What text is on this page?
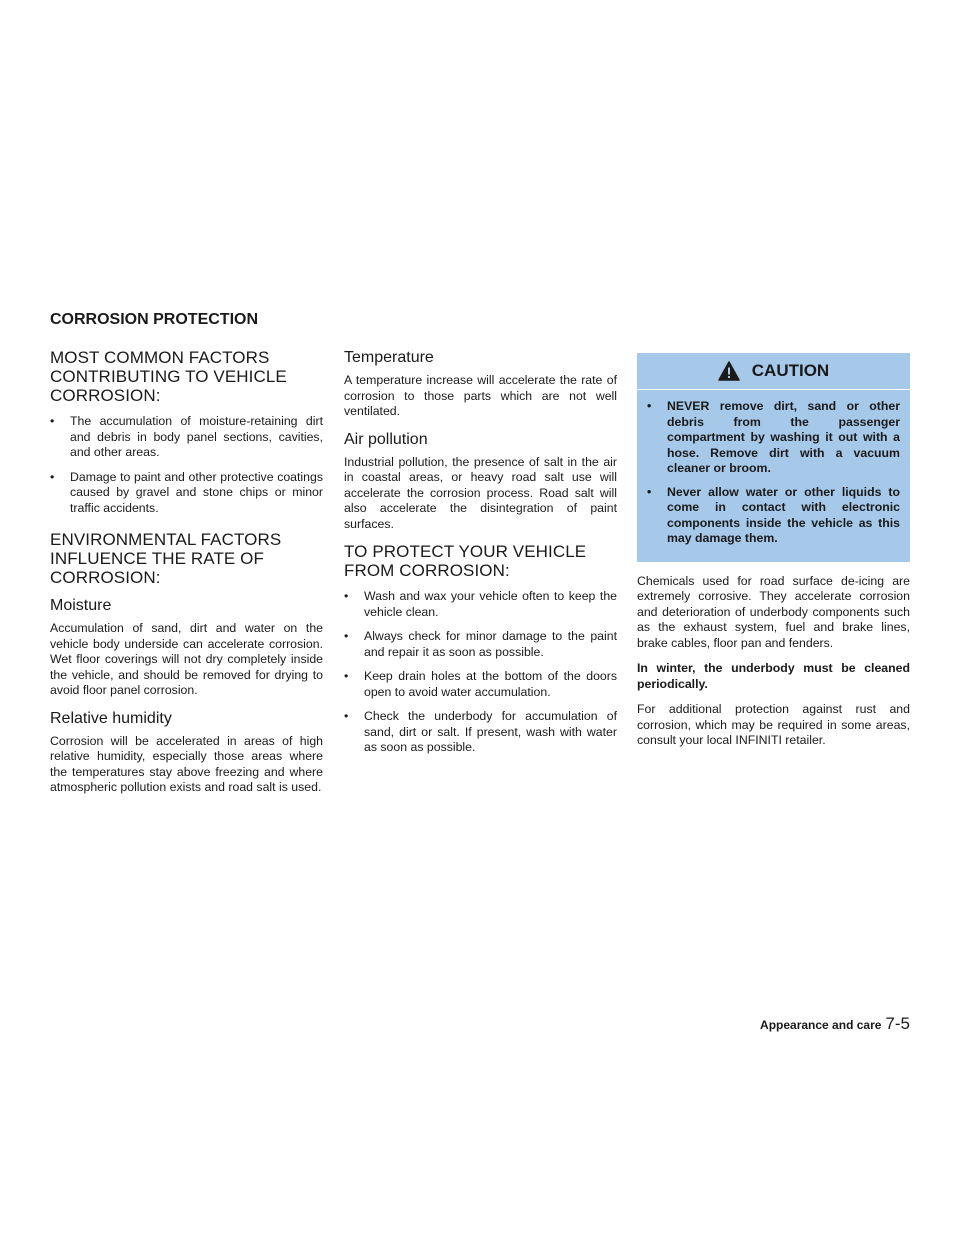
CORROSION PROTECTION
MOST COMMON FACTORS CONTRIBUTING TO VEHICLE CORROSION:
• The accumulation of moisture-retaining dirt and debris in body panel sections, cavities, and other areas.
• Damage to paint and other protective coatings caused by gravel and stone chips or minor traffic accidents.
ENVIRONMENTAL FACTORS INFLUENCE THE RATE OF CORROSION:
Moisture

Accumulation of sand, dirt and water on the vehicle body underside can accelerate corrosion. Wet floor coverings will not dry completely inside the vehicle, and should be removed for drying to avoid floor panel corrosion.

Relative humidity

Corrosion will be accelerated in areas of high relative humidity, especially those areas where the temperatures stay above freezing and where atmospheric pollution exists and road salt is used.

Temperature

A temperature increase will accelerate the rate of corrosion to those parts which are not well ventilated.

Air pollution

Industrial pollution, the presence of salt in the air in coastal areas, or heavy road salt use will accelerate the corrosion process. Road salt will also accelerate the disintegration of paint surfaces.

TO PROTECT YOUR VEHICLE FROM CORROSION:
• Wash and wax your vehicle often to keep the vehicle clean.
• Always check for minor damage to the paint and repair it as soon as possible.
• Keep drain holes at the bottom of the doors open to avoid water accumulation.
• Check the underbody for accumulation of sand, dirt or salt. If present, wash with water as soon as possible.
CAUTION
• NEVER remove dirt, sand or other debris from the passenger compartment by washing it out with a hose. Remove dirt with a vacuum cleaner or broom.
• Never allow water or other liquids to come in contact with electronic components inside the vehicle as this may damage them.

Chemicals used for road surface de-icing are extremely corrosive. They accelerate corrosion and deterioration of underbody components such as the exhaust system, fuel and brake lines, brake cables, floor pan and fenders.

In winter, the underbody must be cleaned periodically.

For additional protection against rust and corrosion, which may be required in some areas, consult your local INFINITI retailer.

Appearance and care 7-5
